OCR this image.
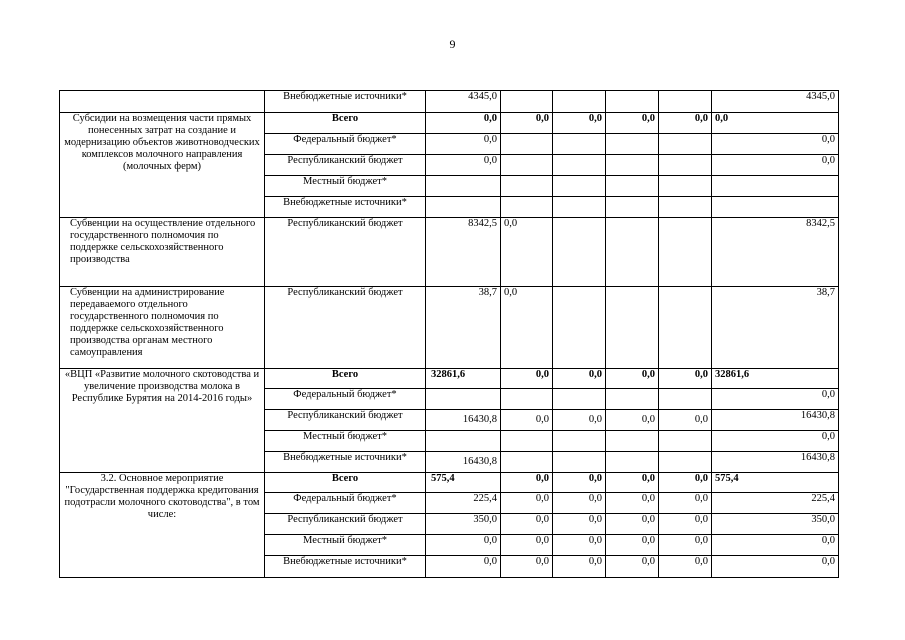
9
	Внебюджетные источники*	4345,0					4345,0
Субсидии на возмещения части прямых понесенных затрат на создание и модернизацию объектов животноводческих комплексов молочного направления (молочных ферм)	Всего	0,0	0,0	0,0	0,0	0,0	0,0
	Федеральный бюджет*	0,0					0,0
	Республиканский бюджет	0,0					0,0
	Местный бюджет*						
	Внебюджетные источники*						
Субвенции на осуществление отдельного государственного полномочия по поддержке сельскохозяйственного производства	Республиканский бюджет	8342,5	0,0				8342,5
Субвенции на администрирование передаваемого отдельного государственного полномочия по поддержке сельскохозяйственного производства органам местного самоуправления	Республиканский бюджет	38,7	0,0				38,7
«ВЦП «Развитие молочного скотоводства и увеличение производства молока в Республике Бурятия на 2014-2016 годы»	Всего	32861,6	0,0	0,0	0,0	0,0	32861,6
	Федеральный бюджет*						0,0
	Республиканский бюджет	16430,8	0,0	0,0	0,0	0,0	16430,8
	Местный бюджет*						0,0
	Внебюджетные источники*	16430,8					16430,8
3.2. Основное мероприятие "Государственная поддержка кредитования подотрасли молочного скотоводства", в том числе:	Всего	575,4	0,0	0,0	0,0	0,0	575,4
	Федеральный бюджет*	225,4	0,0	0,0	0,0	0,0	225,4
	Республиканский бюджет	350,0	0,0	0,0	0,0	0,0	350,0
	Местный бюджет*	0,0	0,0	0,0	0,0	0,0	0,0
	Внебюджетные источники*	0,0	0,0	0,0	0,0	0,0	0,0
